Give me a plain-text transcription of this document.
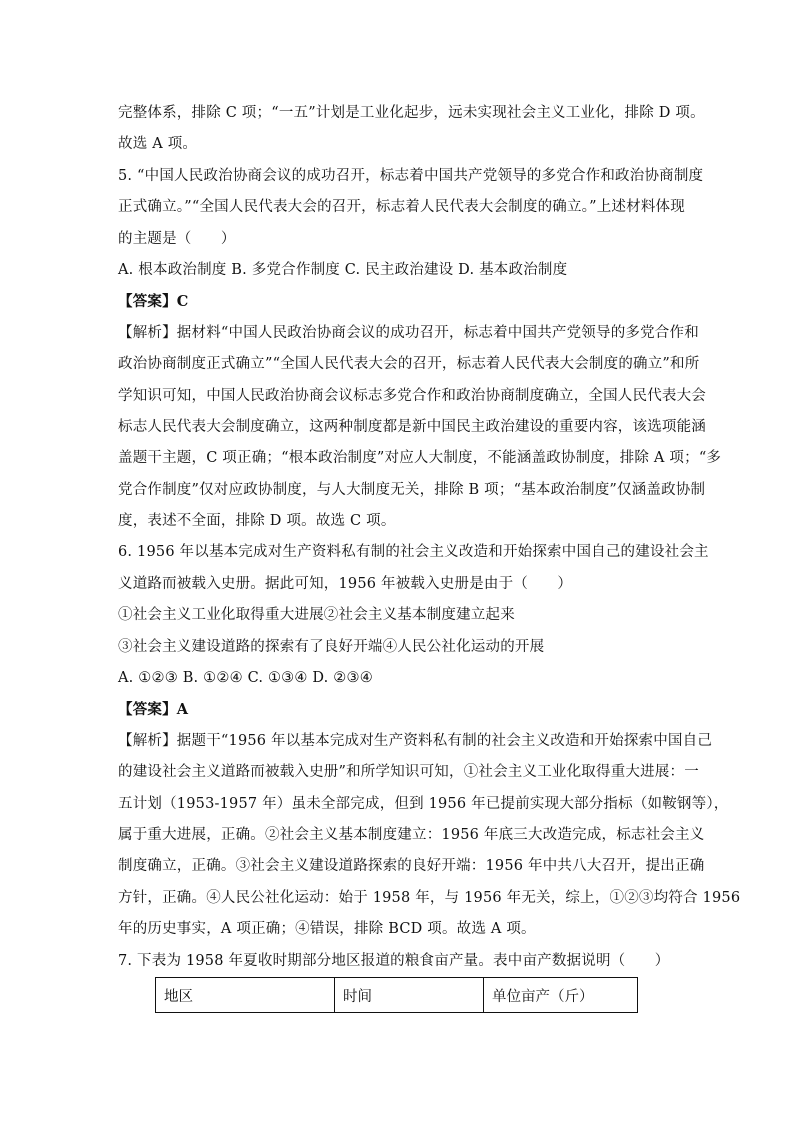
完整体系，排除 C 项；“一五”计划是工业化起步，远未实现社会主义工业化，排除 D 项。
故选 A 项。
5. “中国人民政治协商会议的成功召开，标志着中国共产党领导的多党合作和政治协商制度
正式确立。”“全国人民代表大会的召开，标志着人民代表大会制度的确立。”上述材料体现
的主题是（　　）
A. 根本政治制度 B. 多党合作制度 C. 民主政治建设 D. 基本政治制度
【答案】C
【解析】据材料“中国人民政治协商会议的成功召开，标志着中国共产党领导的多党合作和
政治协商制度正式确立”“全国人民代表大会的召开，标志着人民代表大会制度的确立”和所
学知识可知，中国人民政治协商会议标志多党合作和政治协商制度确立，全国人民代表大会
标志人民代表大会制度确立，这两种制度都是新中国民主政治建设的重要内容，该选项能涵
盖题干主题，C 项正确；“根本政治制度”对应人大制度，不能涵盖政协制度，排除 A 项；“多
党合作制度”仅对应政协制度，与人大制度无关，排除 B 项；“基本政治制度”仅涵盖政协制
度，表述不全面，排除 D 项。故选 C 项。
6. 1956 年以基本完成对生产资料私有制的社会主义改造和开始探索中国自己的建设社会主
义道路而被载入史册。据此可知，1956 年被载入史册是由于（　　）
①社会主义工业化取得重大进展②社会主义基本制度建立起来
③社会主义建设道路的探索有了良好开端④人民公社化运动的开展
A. ①②③ B. ①②④ C. ①③④ D. ②③④
【答案】A
【解析】据题干“1956 年以基本完成对生产资料私有制的社会主义改造和开始探索中国自己
的建设社会主义道路而被载入史册”和所学知识可知，①社会主义工业化取得重大进展：一
五计划（1953-1957 年）虽未全部完成，但到 1956 年已提前实现大部分指标（如鞍钢等），
属于重大进展，正确。②社会主义基本制度建立：1956 年底三大改造完成，标志社会主义
制度确立，正确。③社会主义建设道路探索的良好开端：1956 年中共八大召开，提出正确
方针，正确。④人民公社化运动：始于 1958 年，与 1956 年无关，综上，①②③均符合 1956
年的历史事实，A 项正确；④错误，排除 BCD 项。故选 A 项。
7. 下表为 1958 年夏收时期部分地区报道的粮食亩产量。表中亩产数据说明（　　）
地区	时间	单位亩产（斤）
